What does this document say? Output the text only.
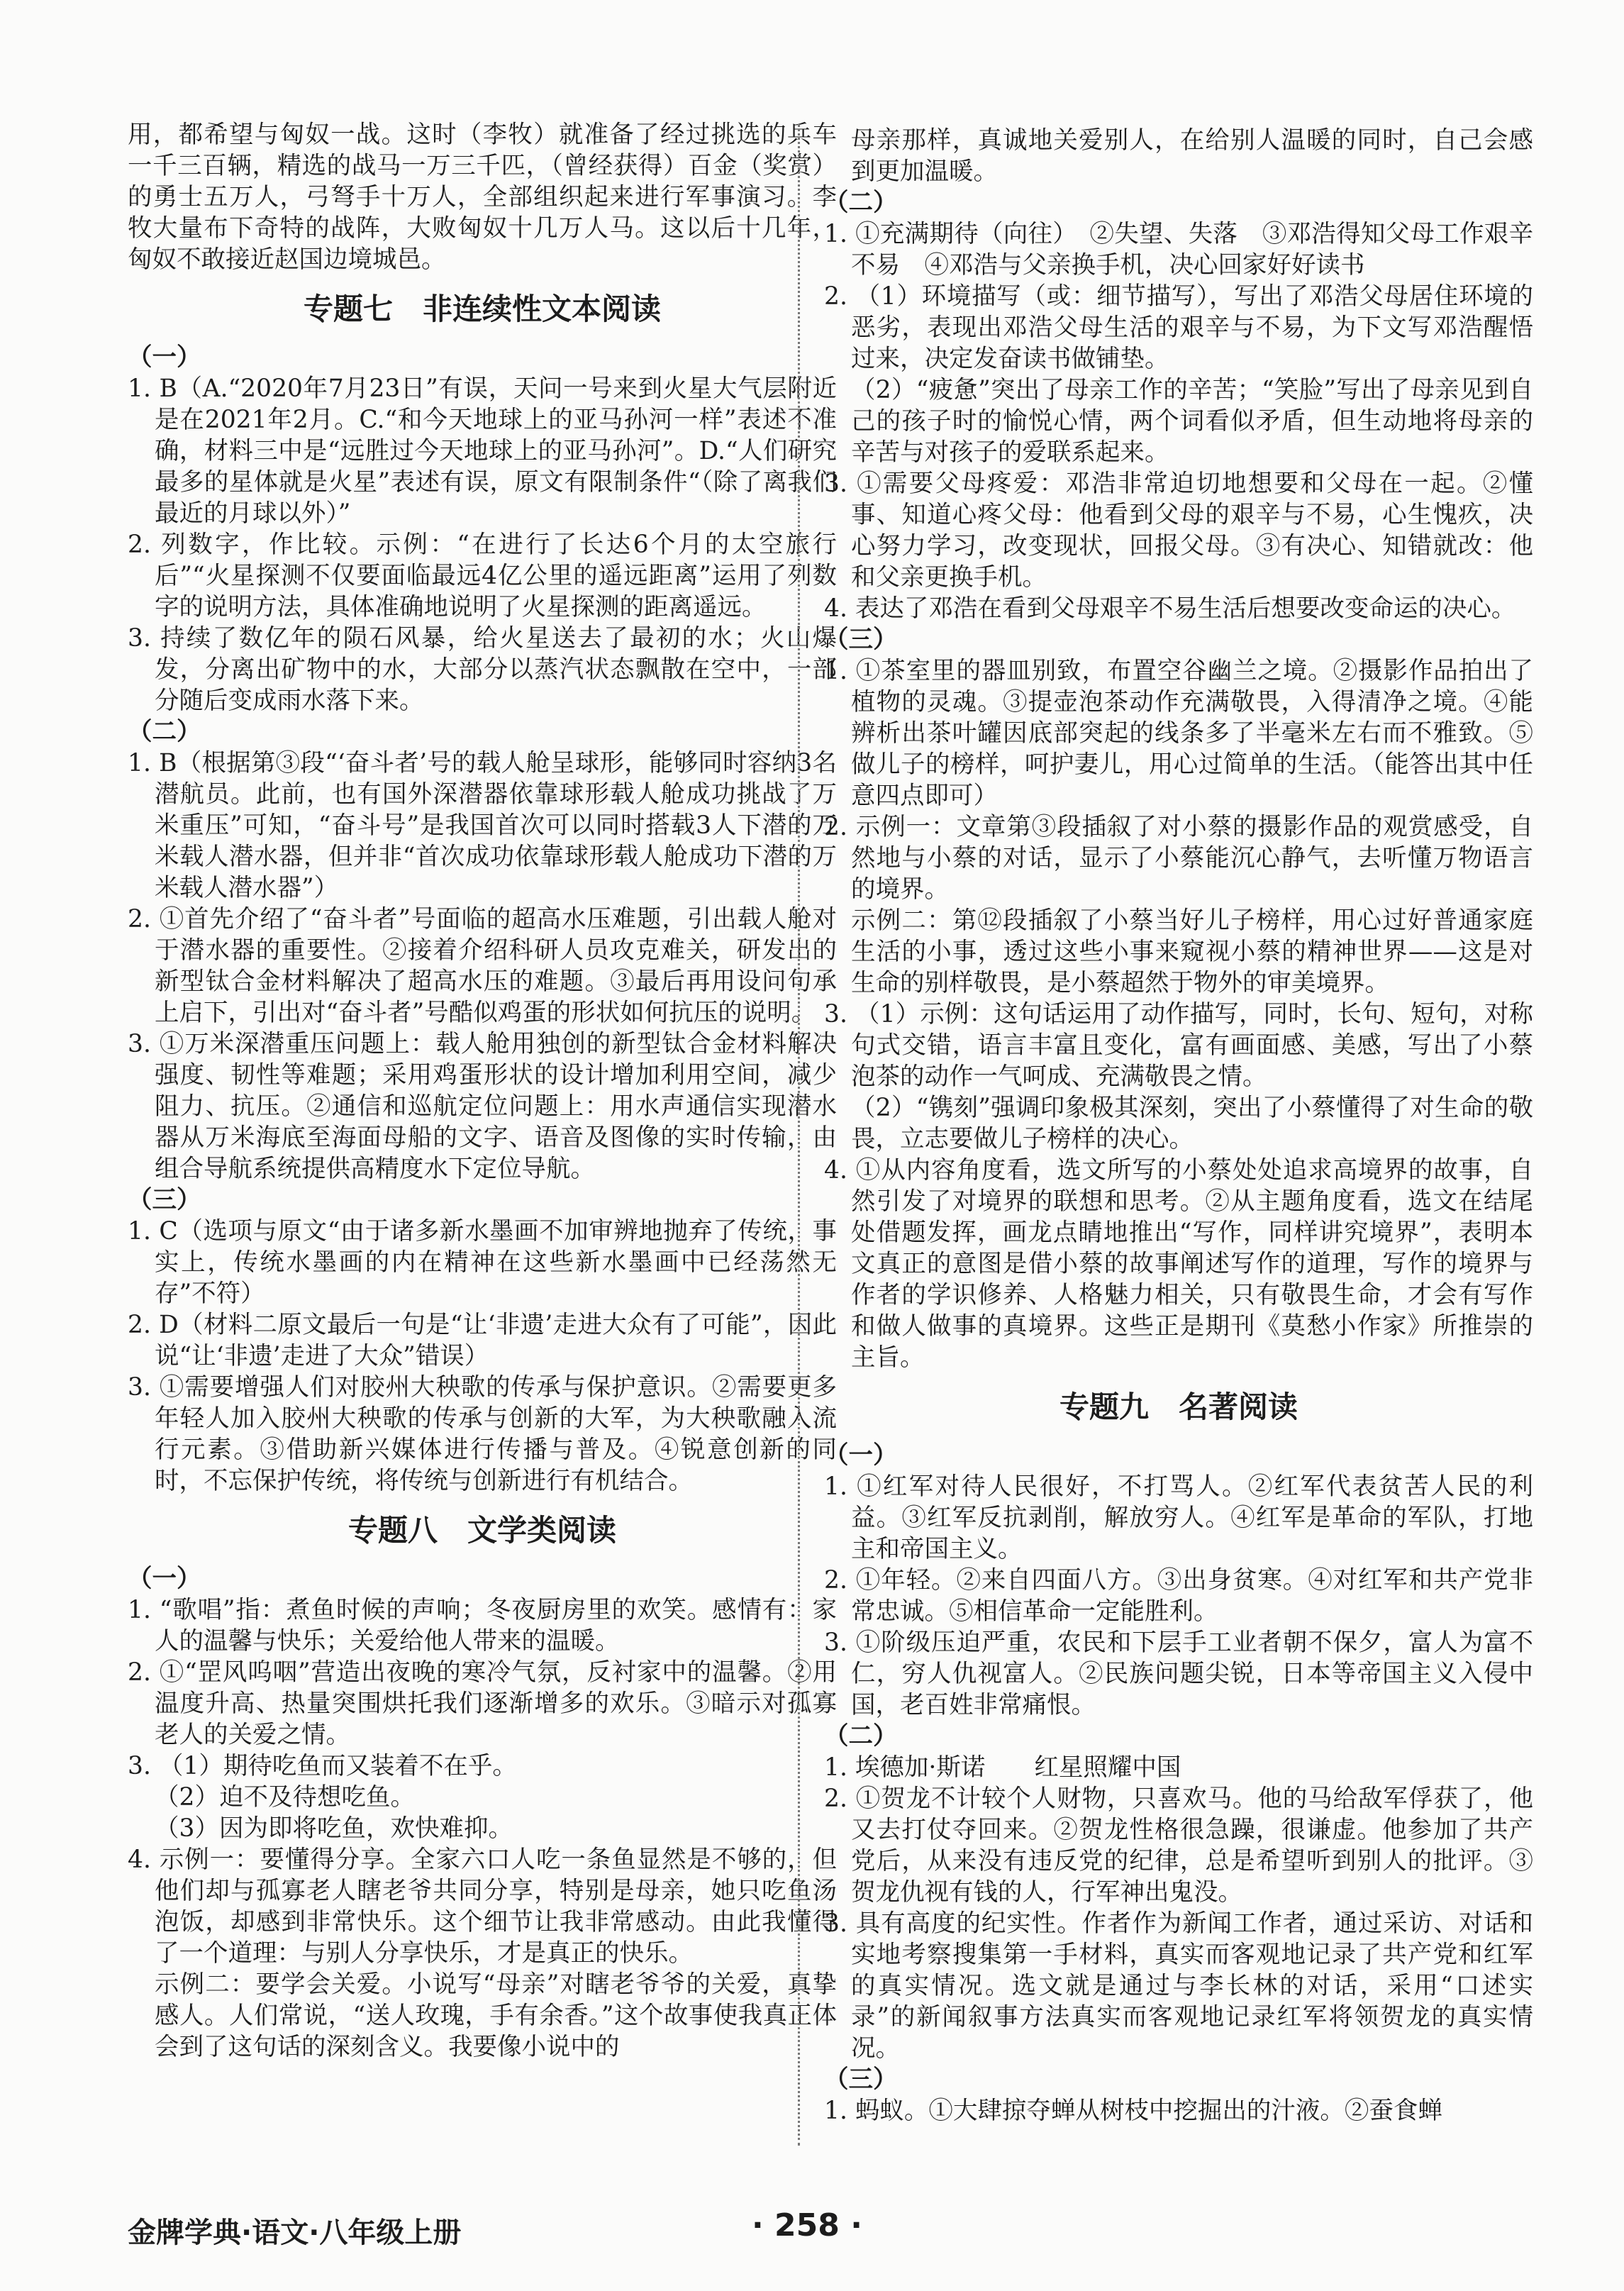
用，都希望与匈奴一战。这时（李牧）就准备了经过挑选的兵车一千三百辆，精选的战马一万三千匹，（曾经获得）百金（奖赏）的勇士五万人，弓弩手十万人，全部组织起来进行军事演习。李牧大量布下奇特的战阵，大败匈奴十几万人马。这以后十几年，匈奴不敢接近赵国边境城邑。

专题七　非连续性文本阅读

（一）

1. B（A.“2020年7月23日”有误，天问一号来到火星大气层附近是在2021年2月。C.“和今天地球上的亚马孙河一样”表述不准确，材料三中是“远胜过今天地球上的亚马孙河”。D.“人们研究最多的星体就是火星”表述有误，原文有限制条件“（除了离我们最近的月球以外）”

2. 列数字，作比较。示例：“在进行了长达6个月的太空旅行后”“火星探测不仅要面临最远4亿公里的遥远距离”运用了列数字的说明方法，具体准确地说明了火星探测的距离遥远。

3. 持续了数亿年的陨石风暴，给火星送去了最初的水；火山爆发，分离出矿物中的水，大部分以蒸汽状态飘散在空中，一部分随后变成雨水落下来。

（二）

1. B（根据第③段“‘奋斗者’号的载人舱呈球形，能够同时容纳3名潜航员。此前，也有国外深潜器依靠球形载人舱成功挑战了万米重压”可知，“奋斗号”是我国首次可以同时搭载3人下潜的万米载人潜水器，但并非“首次成功依靠球形载人舱成功下潜的万米载人潜水器”）

2. ①首先介绍了“奋斗者”号面临的超高水压难题，引出载人舱对于潜水器的重要性。②接着介绍科研人员攻克难关，研发出的新型钛合金材料解决了超高水压的难题。③最后再用设问句承上启下，引出对“奋斗者”号酷似鸡蛋的形状如何抗压的说明。

3. ①万米深潜重压问题上：载人舱用独创的新型钛合金材料解决强度、韧性等难题；采用鸡蛋形状的设计增加利用空间，减少阻力、抗压。②通信和巡航定位问题上：用水声通信实现潜水器从万米海底至海面母船的文字、语音及图像的实时传输，由组合导航系统提供高精度水下定位导航。

（三）

1. C（选项与原文“由于诸多新水墨画不加审辨地抛弃了传统，事实上，传统水墨画的内在精神在这些新水墨画中已经荡然无存”不符）

2. D（材料二原文最后一句是“让‘非遗’走进大众有了可能”，因此说“让‘非遗’走进了大众”错误）

3. ①需要增强人们对胶州大秧歌的传承与保护意识。②需要更多年轻人加入胶州大秧歌的传承与创新的大军，为大秧歌融入流行元素。③借助新兴媒体进行传播与普及。④锐意创新的同时，不忘保护传统，将传统与创新进行有机结合。

专题八　文学类阅读

（一）

1. “歌唱”指：煮鱼时候的声响；冬夜厨房里的欢笑。感情有：家人的温馨与快乐；关爱给他人带来的温暖。

2. ①“罡风呜咽”营造出夜晚的寒冷气氛，反衬家中的温馨。②用温度升高、热量突围烘托我们逐渐增多的欢乐。③暗示对孤寡老人的关爱之情。

3. （1）期待吃鱼而又装着不在乎。

（2）迫不及待想吃鱼。

（3）因为即将吃鱼，欢快难抑。

4. 示例一：要懂得分享。全家六口人吃一条鱼显然是不够的，但他们却与孤寡老人瞎老爷共同分享，特别是母亲，她只吃鱼汤泡饭，却感到非常快乐。这个细节让我非常感动。由此我懂得了一个道理：与别人分享快乐，才是真正的快乐。

示例二：要学会关爱。小说写“母亲”对瞎老爷爷的关爱，真挚感人。人们常说，“送人玫瑰，手有余香。”这个故事使我真正体会到了这句话的深刻含义。我要像小说中的

母亲那样，真诚地关爱别人，在给别人温暖的同时，自己会感到更加温暖。

（二）

1. ①充满期待（向往）　②失望、失落　③邓浩得知父母工作艰辛不易　④邓浩与父亲换手机，决心回家好好读书

2. （1）环境描写（或：细节描写），写出了邓浩父母居住环境的恶劣，表现出邓浩父母生活的艰辛与不易，为下文写邓浩醒悟过来，决定发奋读书做铺垫。

（2）“疲惫”突出了母亲工作的辛苦；“笑脸”写出了母亲见到自己的孩子时的愉悦心情，两个词看似矛盾，但生动地将母亲的辛苦与对孩子的爱联系起来。

3. ①需要父母疼爱：邓浩非常迫切地想要和父母在一起。②懂事、知道心疼父母：他看到父母的艰辛与不易，心生愧疚，决心努力学习，改变现状，回报父母。③有决心、知错就改：他和父亲更换手机。

4. 表达了邓浩在看到父母艰辛不易生活后想要改变命运的决心。

（三）

1. ①茶室里的器皿别致，布置空谷幽兰之境。②摄影作品拍出了植物的灵魂。③提壶泡茶动作充满敬畏，入得清净之境。④能辨析出茶叶罐因底部突起的线条多了半毫米左右而不雅致。⑤做儿子的榜样，呵护妻儿，用心过简单的生活。（能答出其中任意四点即可）

2. 示例一：文章第③段插叙了对小蔡的摄影作品的观赏感受，自然地与小蔡的对话，显示了小蔡能沉心静气，去听懂万物语言的境界。

示例二：第⑫段插叙了小蔡当好儿子榜样，用心过好普通家庭生活的小事，透过这些小事来窥视小蔡的精神世界——这是对生命的别样敬畏，是小蔡超然于物外的审美境界。

3. （1）示例：这句话运用了动作描写，同时，长句、短句，对称句式交错，语言丰富且变化，富有画面感、美感，写出了小蔡泡茶的动作一气呵成、充满敬畏之情。

（2）“镌刻”强调印象极其深刻，突出了小蔡懂得了对生命的敬畏，立志要做儿子榜样的决心。

4. ①从内容角度看，选文所写的小蔡处处追求高境界的故事，自然引发了对境界的联想和思考。②从主题角度看，选文在结尾处借题发挥，画龙点睛地推出“写作，同样讲究境界”，表明本文真正的意图是借小蔡的故事阐述写作的道理，写作的境界与作者的学识修养、人格魅力相关，只有敬畏生命，才会有写作和做人做事的真境界。这些正是期刊《莫愁小作家》所推崇的主旨。

专题九　名著阅读

（一）

1. ①红军对待人民很好，不打骂人。②红军代表贫苦人民的利益。③红军反抗剥削，解放穷人。④红军是革命的军队，打地主和帝国主义。

2. ①年轻。②来自四面八方。③出身贫寒。④对红军和共产党非常忠诚。⑤相信革命一定能胜利。

3. ①阶级压迫严重，农民和下层手工业者朝不保夕，富人为富不仁，穷人仇视富人。②民族问题尖锐，日本等帝国主义入侵中国，老百姓非常痛恨。

（二）

1. 埃德加·斯诺　　红星照耀中国

2. ①贺龙不计较个人财物，只喜欢马。他的马给敌军俘获了，他又去打仗夺回来。②贺龙性格很急躁，很谦虚。他参加了共产党后，从来没有违反党的纪律，总是希望听到别人的批评。③贺龙仇视有钱的人，行军神出鬼没。

3. 具有高度的纪实性。作者作为新闻工作者，通过采访、对话和实地考察搜集第一手材料，真实而客观地记录了共产党和红军的真实情况。选文就是通过与李长林的对话，采用“口述实录”的新闻叙事方法真实而客观地记录红军将领贺龙的真实情况。

（三）

1. 蚂蚁。①大肆掠夺蝉从树枝中挖掘出的汁液。②蚕食蝉

金牌学典·语文·八年级上册	· 258 ·
